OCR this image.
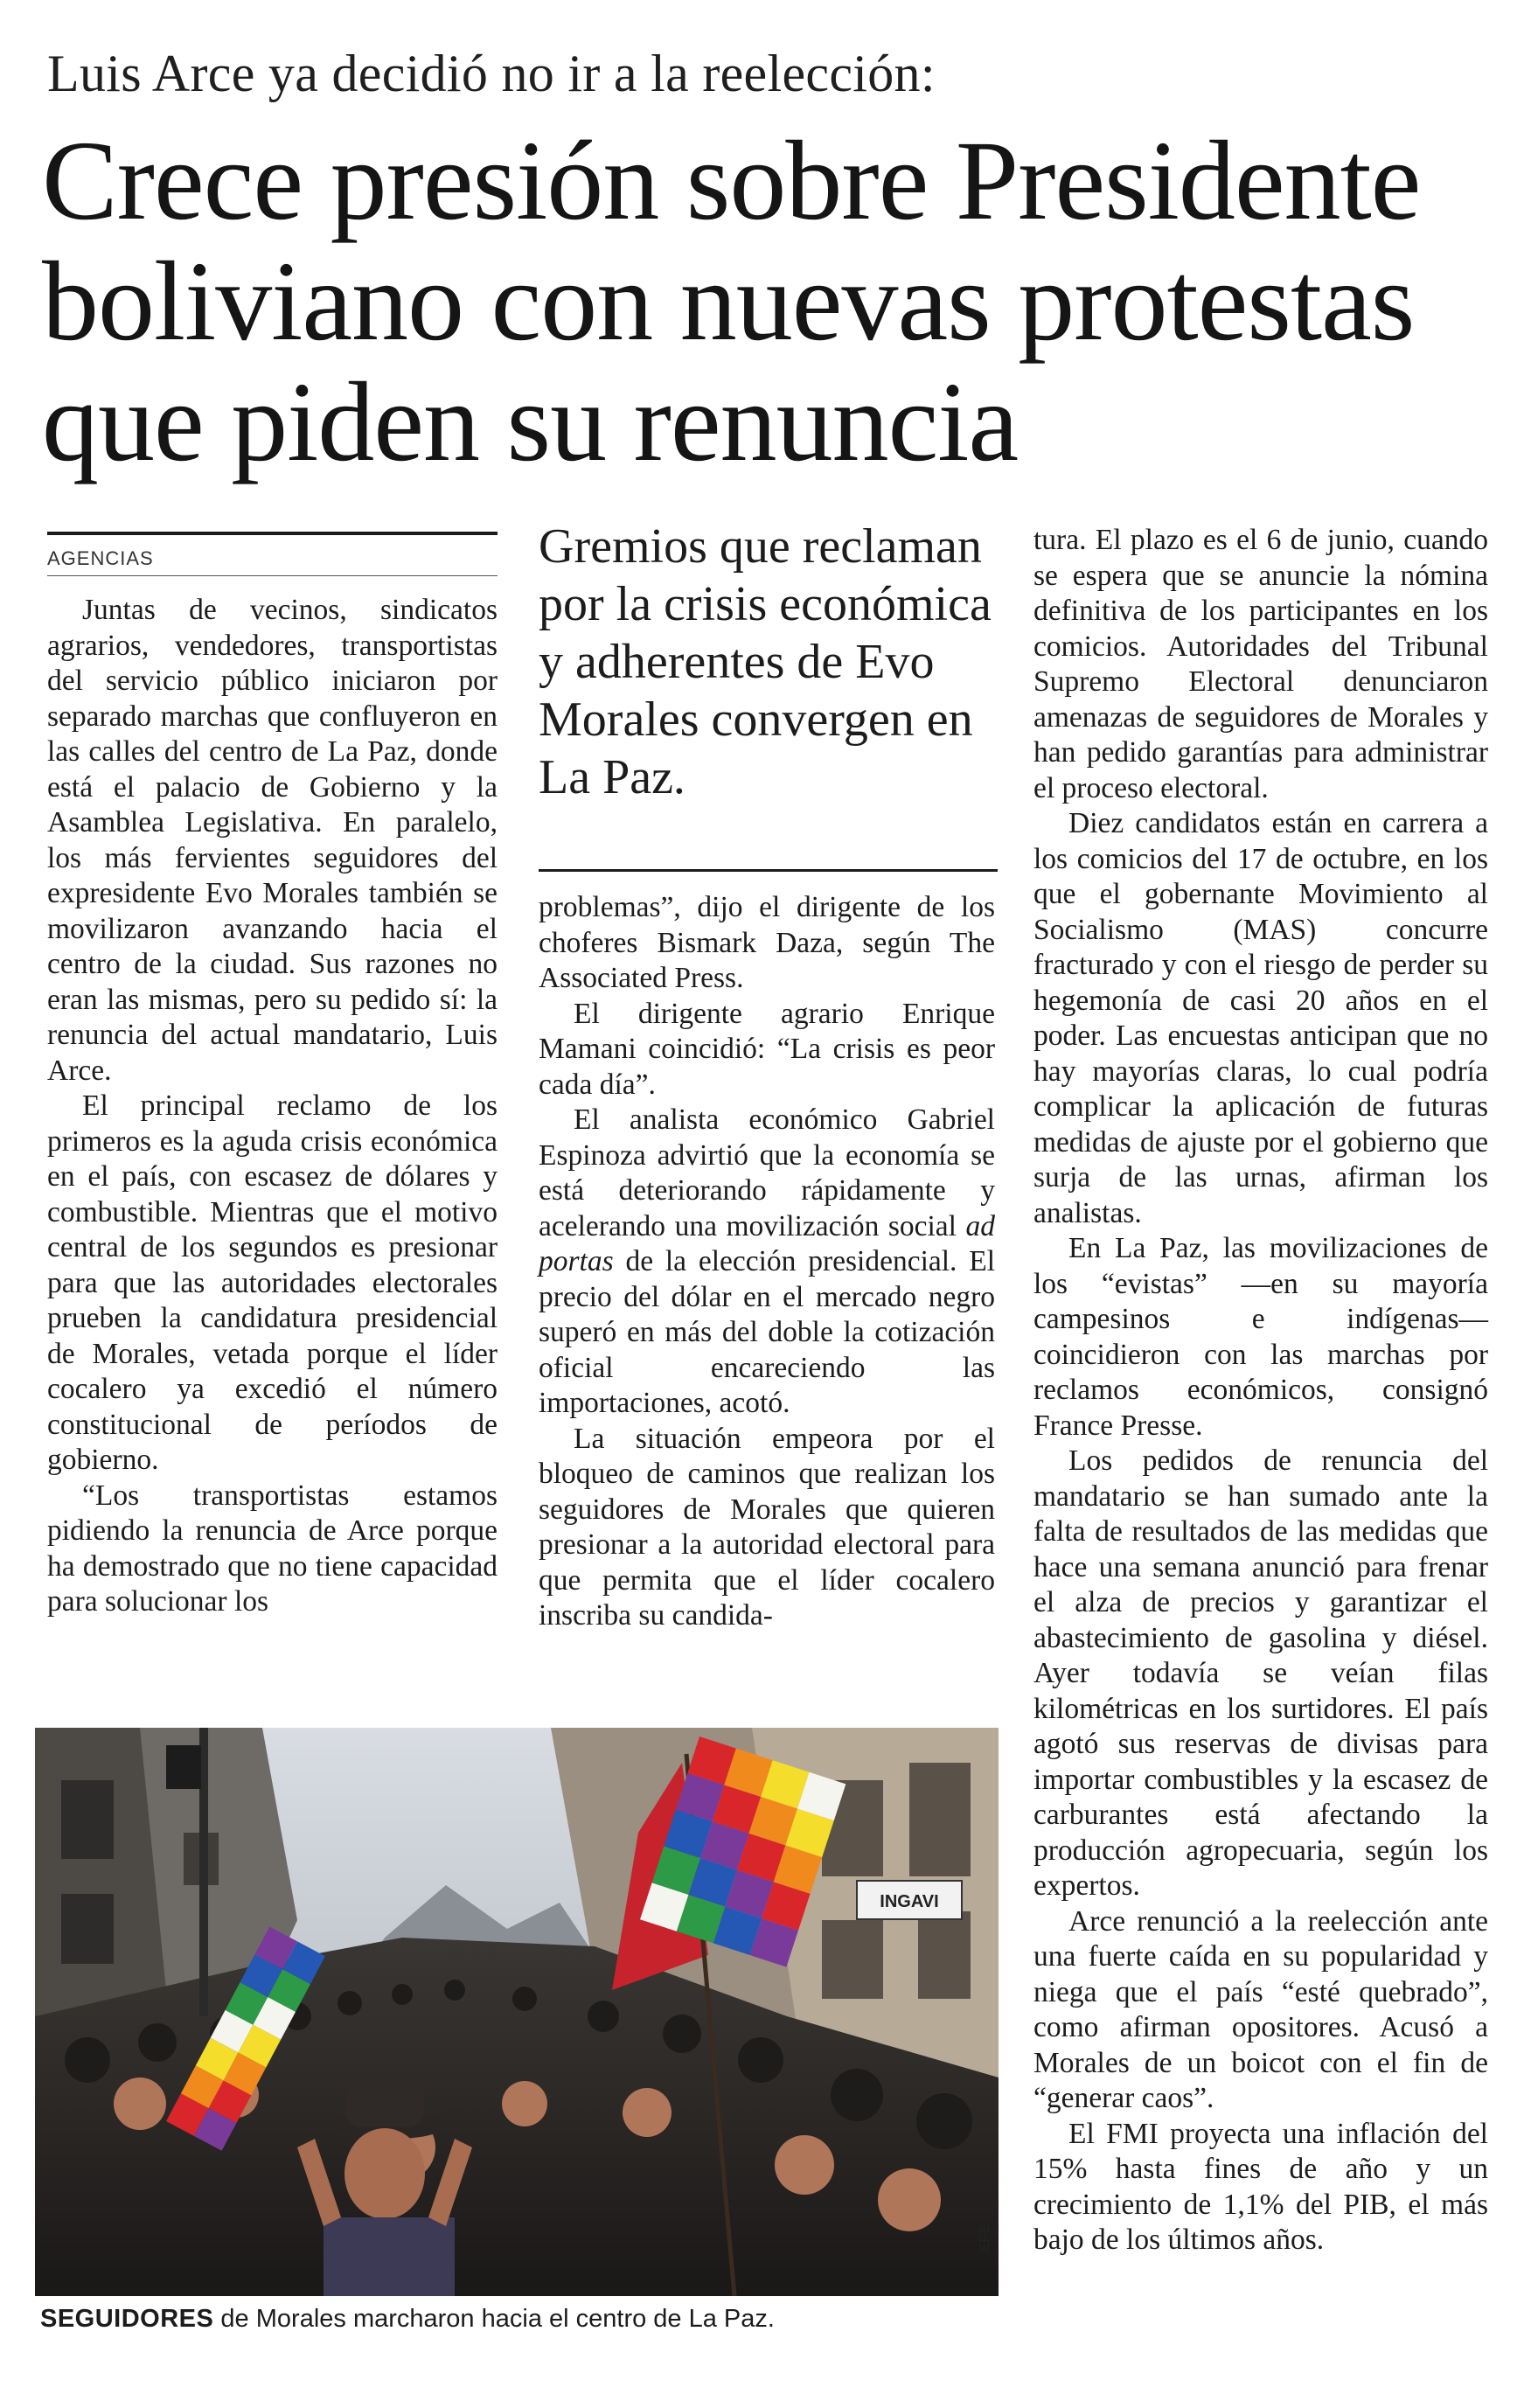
Luis Arce ya decidió no ir a la reelección:
Crece presión sobre Presidente
boliviano con nuevas protestas
que piden su renuncia
AGENCIAS	Gremios que reclaman por la crisis económica y adherentes de Evo Morales convergen en La Paz.

Juntas de vecinos, sindicatos agrarios, vendedores, transportistas del servicio público iniciaron por separado marchas que confluyeron en las calles del centro de La Paz, donde está el palacio de Gobierno y la Asamblea Legislativa. En paralelo, los más fervientes seguidores del expresidente Evo Morales también se movilizaron avanzando hacia el centro de la ciudad. Sus razones no eran las mismas, pero su pedido sí: la renuncia del actual mandatario, Luis Arce.

El principal reclamo de los primeros es la aguda crisis económica en el país, con escasez de dólares y combustible. Mientras que el motivo central de los segundos es presionar para que las autoridades electorales prueben la candidatura presidencial de Morales, vetada porque el líder cocalero ya excedió el número constitucional de períodos de gobierno.

“Los transportistas estamos pidiendo la renuncia de Arce porque ha demostrado que no tiene capacidad para solucionar los

problemas”, dijo el dirigente de los choferes Bismark Daza, según The Associated Press.

El dirigente agrario Enrique Mamani coincidió: “La crisis es peor cada día”.

El analista económico Gabriel Espinoza advirtió que la economía se está deteriorando rápidamente y acelerando una movilización social ad portas de la elección presidencial. El precio del dólar en el mercado negro superó en más del doble la cotización oficial encareciendo las importaciones, acotó.

La situación empeora por el bloqueo de caminos que realizan los seguidores de Morales que quieren presionar a la autoridad electoral para que permita que el líder cocalero inscriba su candida-

tura. El plazo es el 6 de junio, cuando se espera que se anuncie la nómina definitiva de los participantes en los comicios. Autoridades del Tribunal Supremo Electoral denunciaron amenazas de seguidores de Morales y han pedido garantías para administrar el proceso electoral.

Diez candidatos están en carrera a los comicios del 17 de octubre, en los que el gobernante Movimiento al Socialismo (MAS) concurre fracturado y con el riesgo de perder su hegemonía de casi 20 años en el poder. Las encuestas anticipan que no hay mayorías claras, lo cual podría complicar la aplicación de futuras medidas de ajuste por el gobierno que surja de las urnas, afirman los analistas.

En La Paz, las movilizaciones de los “evistas” —en su mayoría campesinos e indígenas— coincidieron con las marchas por reclamos económicos, consignó France Presse.

Los pedidos de renuncia del mandatario se han sumado ante la falta de resultados de las medidas que hace una semana anunció para frenar el alza de precios y garantizar el abastecimiento de gasolina y diésel. Ayer todavía se veían filas kilométricas en los surtidores. El país agotó sus reservas de divisas para importar combustibles y la escasez de carburantes está afectando la producción agropecuaria, según los expertos.

Arce renunció a la reelección ante una fuerte caída en su popularidad y niega que el país “esté quebrado”, como afirman opositores. Acusó a Morales de un boicot con el fin de “generar caos”.

El FMI proyecta una inflación del 15% hasta fines de año y un crecimiento de 1,1% del PIB, el más bajo de los últimos años.

INGAVI
EFE
SEGUIDORES de Morales marcharon hacia el centro de La Paz.
